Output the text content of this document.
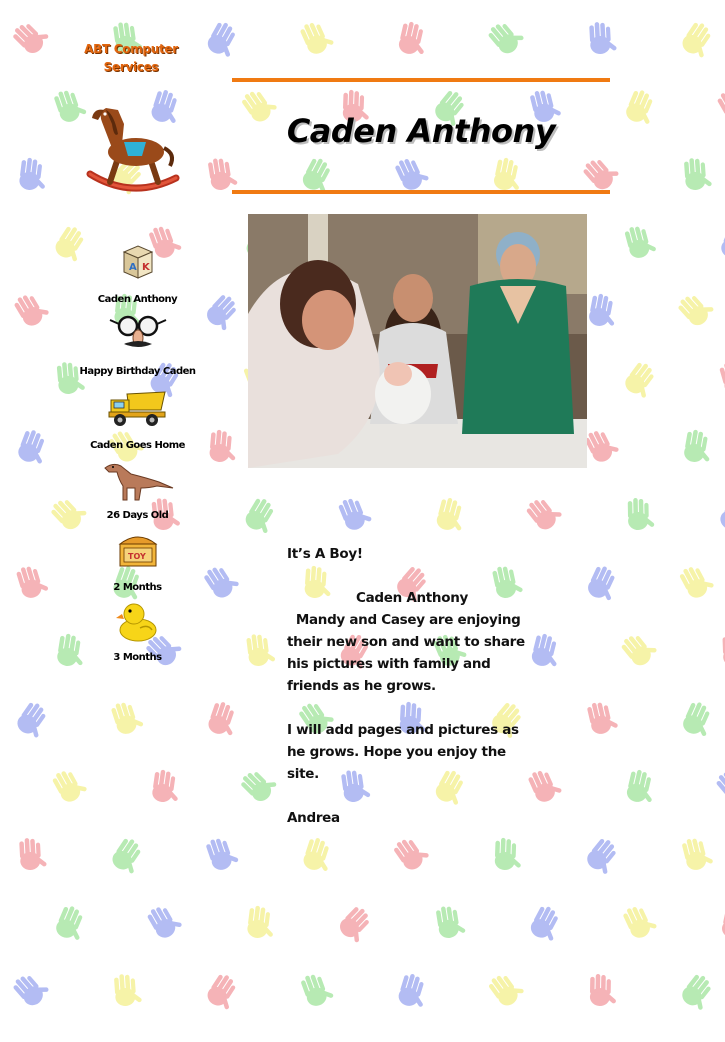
ABT Computer
Services
Caden Anthony
A K
Caden Anthony
Happy Birthday Caden
Caden Goes Home
26 Days Old
TOY
2 Months
3 Months

It’s A Boy!

Caden Anthony

Mandy and Casey are enjoying their new son and want to share his pictures with family and friends as he grows.

I will add pages and pictures as he grows. Hope you enjoy the site.

Andrea
